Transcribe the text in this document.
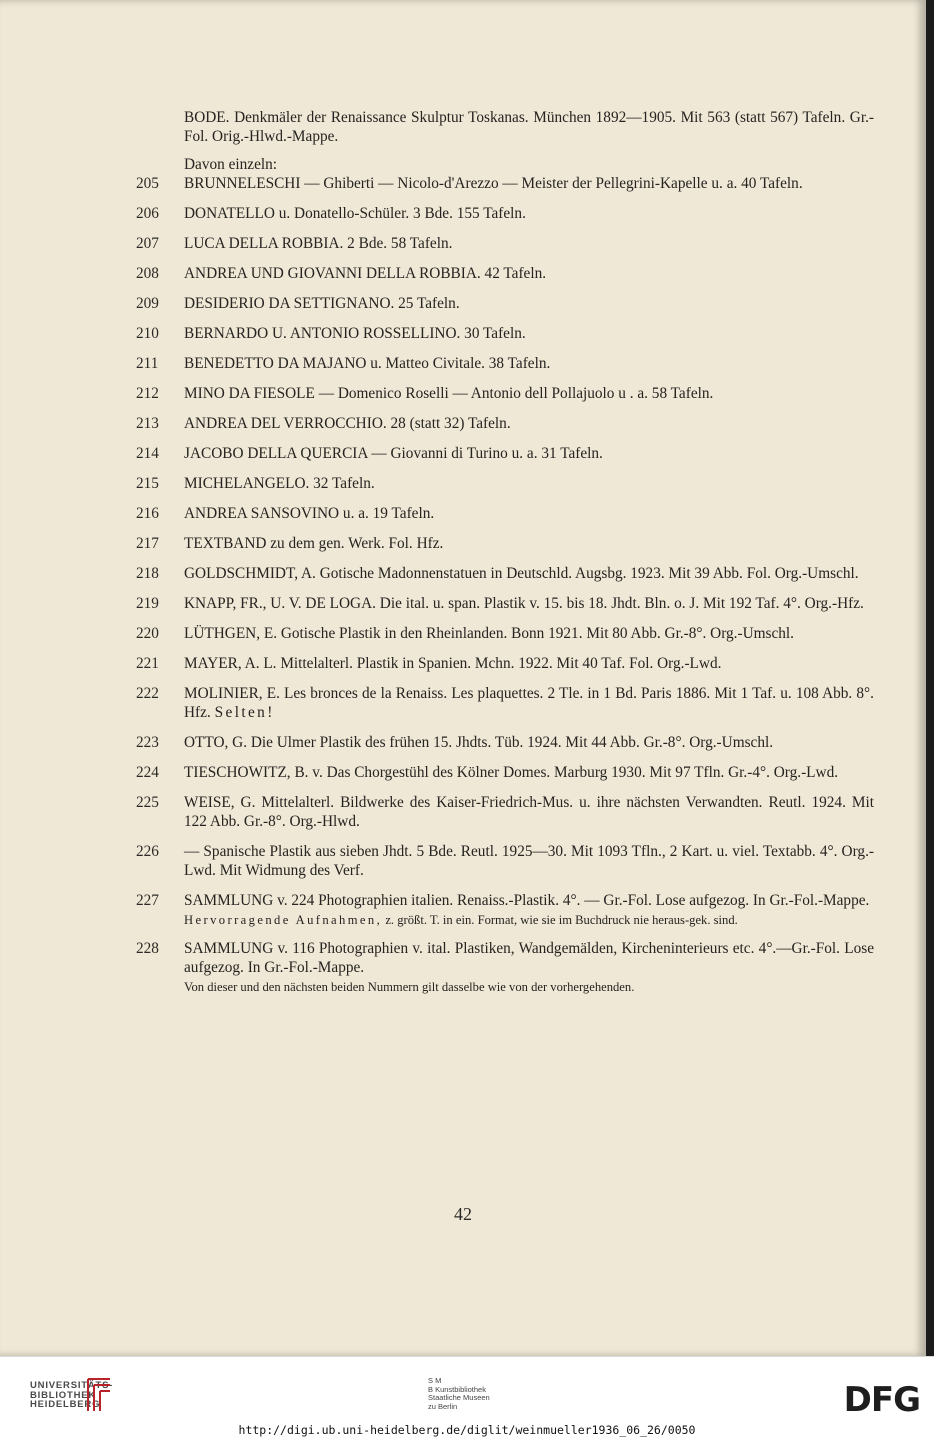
BODE. Denkmäler der Renaissance Skulptur Toskanas. München 1892—1905. Mit 563 (statt 567) Tafeln. Gr.-Fol. Orig.-Hlwd.-Mappe.
Davon einzeln:
205	BRUNNELESCHI — Ghiberti — Nicolo-d'Arezzo — Meister der Pellegrini-Kapelle u. a. 40 Tafeln.
206	DONATELLO u. Donatello-Schüler. 3 Bde. 155 Tafeln.
207	LUCA DELLA ROBBIA. 2 Bde. 58 Tafeln.
208	ANDREA UND GIOVANNI DELLA ROBBIA. 42 Tafeln.
209	DESIDERIO DA SETTIGNANO. 25 Tafeln.
210	BERNARDO U. ANTONIO ROSSELLINO. 30 Tafeln.
211	BENEDETTO DA MAJANO u. Matteo Civitale. 38 Tafeln.
212	MINO DA FIESOLE — Domenico Roselli — Antonio dell Pollajuolo u . a. 58 Tafeln.
213	ANDREA DEL VERROCCHIO. 28 (statt 32) Tafeln.
214	JACOBO DELLA QUERCIA — Giovanni di Turino u. a. 31 Tafeln.
215	MICHELANGELO. 32 Tafeln.
216	ANDREA SANSOVINO u. a. 19 Tafeln.
217	TEXTBAND zu dem gen. Werk. Fol. Hfz.
218	GOLDSCHMIDT, A. Gotische Madonnenstatuen in Deutschld. Augsbg. 1923. Mit 39 Abb. Fol. Org.-Umschl.
219	KNAPP, FR., U. V. DE LOGA. Die ital. u. span. Plastik v. 15. bis 18. Jhdt. Bln. o. J. Mit 192 Taf. 4°. Org.-Hfz.
220	LÜTHGEN, E. Gotische Plastik in den Rheinlanden. Bonn 1921. Mit 80 Abb. Gr.-8°. Org.-Umschl.
221	MAYER, A. L. Mittelalterl. Plastik in Spanien. Mchn. 1922. Mit 40 Taf. Fol. Org.-Lwd.
222	MOLINIER, E. Les bronces de la Renaiss. Les plaquettes. 2 Tle. in 1 Bd. Paris 1886. Mit 1 Taf. u. 108 Abb. 8°. Hfz. Selten!
223	OTTO, G. Die Ulmer Plastik des frühen 15. Jhdts. Tüb. 1924. Mit 44 Abb. Gr.-8°. Org.-Umschl.
224	TIESCHOWITZ, B. v. Das Chorgestühl des Kölner Domes. Marburg 1930. Mit 97 Tfln. Gr.-4°. Org.-Lwd.
225	WEISE, G. Mittelalterl. Bildwerke des Kaiser-Friedrich-Mus. u. ihre nächsten Verwandten. Reutl. 1924. Mit 122 Abb. Gr.-8°. Org.-Hlwd.
226	— Spanische Plastik aus sieben Jhdt. 5 Bde. Reutl. 1925—30. Mit 1093 Tfln., 2 Kart. u. viel. Textabb. 4°. Org.-Lwd. Mit Widmung des Verf.
227	SAMMLUNG v. 224 Photographien italien. Renaiss.-Plastik. 4°. — Gr.-Fol. Lose aufgezog. In Gr.-Fol.-Mappe.
Hervorragende Aufnahmen, z. größt. T. in ein. Format, wie sie im Buchdruck nie heraus-gek. sind.
228	SAMMLUNG v. 116 Photographien v. ital. Plastiken, Wandgemälden, Kircheninterieurs etc. 4°.—Gr.-Fol. Lose aufgezog. In Gr.-Fol.-Mappe.
Von dieser und den nächsten beiden Nummern gilt dasselbe wie von der vorhergehenden.
42
UNIVERSITÄTS-
BIBLIOTHEK
HEIDELBERG
S M
B Kunstbibliothek
Staatliche Museen
zu Berlin	DFG
http://digi.ub.uni-heidelberg.de/diglit/weinmueller1936_06_26/0050
